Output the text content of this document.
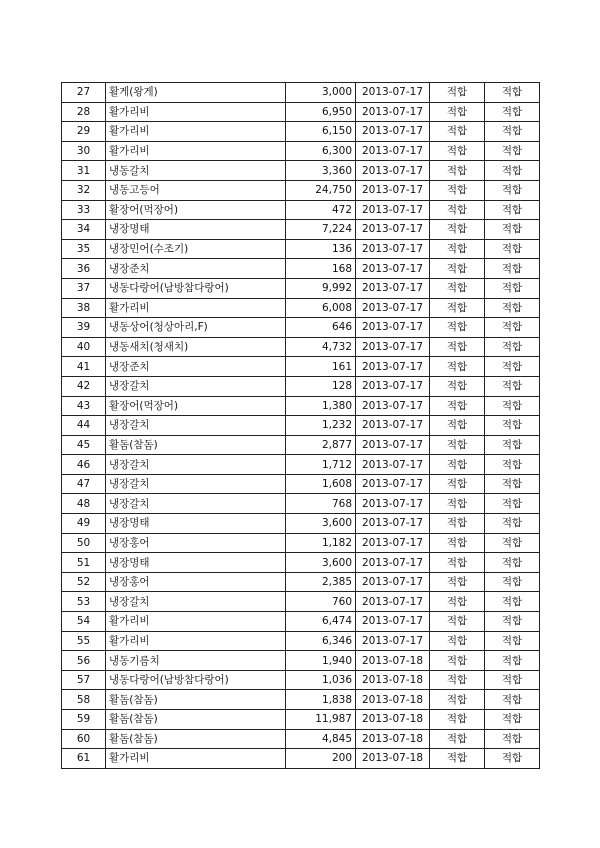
27	활게(왕게)	3,000	2013-07-17	적합	적합
28	활가리비	6,950	2013-07-17	적합	적합
29	활가리비	6,150	2013-07-17	적합	적합
30	활가리비	6,300	2013-07-17	적합	적합
31	냉동갈치	3,360	2013-07-17	적합	적합
32	냉동고등어	24,750	2013-07-17	적합	적합
33	활장어(먹장어)	472	2013-07-17	적합	적합
34	냉장명태	7,224	2013-07-17	적합	적합
35	냉장민어(수조기)	136	2013-07-17	적합	적합
36	냉장준치	168	2013-07-17	적합	적합
37	냉동다랑어(남방참다랑어)	9,992	2013-07-17	적합	적합
38	활가리비	6,008	2013-07-17	적합	적합
39	냉동상어(청상아리,F)	646	2013-07-17	적합	적합
40	냉동새치(청새치)	4,732	2013-07-17	적합	적합
41	냉장준치	161	2013-07-17	적합	적합
42	냉장갈치	128	2013-07-17	적합	적합
43	활장어(먹장어)	1,380	2013-07-17	적합	적합
44	냉장갈치	1,232	2013-07-17	적합	적합
45	활돔(참돔)	2,877	2013-07-17	적합	적합
46	냉장갈치	1,712	2013-07-17	적합	적합
47	냉장갈치	1,608	2013-07-17	적합	적합
48	냉장갈치	768	2013-07-17	적합	적합
49	냉장명태	3,600	2013-07-17	적합	적합
50	냉장홍어	1,182	2013-07-17	적합	적합
51	냉장명태	3,600	2013-07-17	적합	적합
52	냉장홍어	2,385	2013-07-17	적합	적합
53	냉장갈치	760	2013-07-17	적합	적합
54	활가리비	6,474	2013-07-17	적합	적합
55	활가리비	6,346	2013-07-17	적합	적합
56	냉동기름치	1,940	2013-07-18	적합	적합
57	냉동다랑어(남방참다랑어)	1,036	2013-07-18	적합	적합
58	활돔(참돔)	1,838	2013-07-18	적합	적합
59	활돔(참돔)	11,987	2013-07-18	적합	적합
60	활돔(참돔)	4,845	2013-07-18	적합	적합
61	활가리비	200	2013-07-18	적합	적합
